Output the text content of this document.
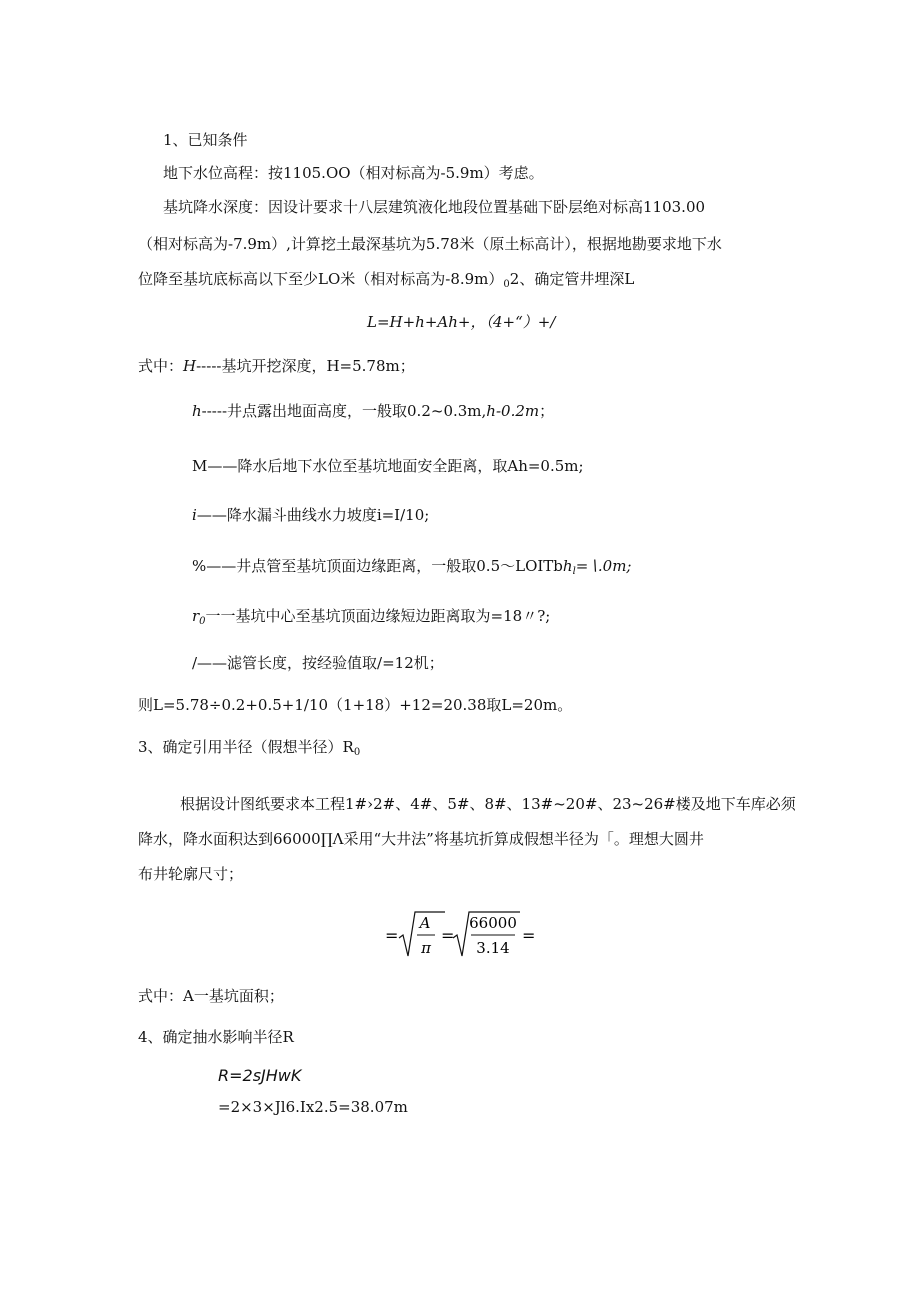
1、已知条件
地下水位高程：按1105.OO（相对标高为-5.9m）考虑。
基坑降水深度：因设计要求十八层建筑液化地段位置基础下卧层绝对标高1103.00
（相对标高为-7.9m）,计算挖土最深基坑为5.78米（原土标高计），根据地勘要求地下水
位降至基坑底标高以下至少LO米（相对标高为$-8.9m)_02$、确定管井埋深L
L=H+h+Ah+，（4+“）+/
式中：H-----基坑开挖深度，H=5.78m；
h-----井点露出地面高度，一般取0.2~0.3m,h-0.2m；
M——降水后地下水位至基坑地面安全距离，取Ah=0.5m;
i——降水漏斗曲线水力坡度i=I∕10;
%——井点管至基坑顶面边缘距离，一般取0.5～LOITbh$_l$=∖.0m;
$r_0$一一基坑中心至基坑顶面边缘短边距离取为=18〃?;
/——滤管长度，按经验值取/=12机；
则L=5.78÷0.2+0.5+1/10（1+18）+12=20.38取L=20m。
3、确定引用半径（假想半径）$R_0$
根据设计图纸要求本工程1#›2#、4#、5#、8#、13#~20#、23~26#楼及地下车库必须
降水，降水面积达到66000∏Λ采用“大井法”将基坑折算成假想半径为「。理想大圆井
布井轮廓尺寸；
=
A
π
=
66000
3.14
=
式中：A一基坑面积；
4、确定抽水影响半径R
R=2sJHwK
=2×3×Jl6.Ix2.5=38.07m
